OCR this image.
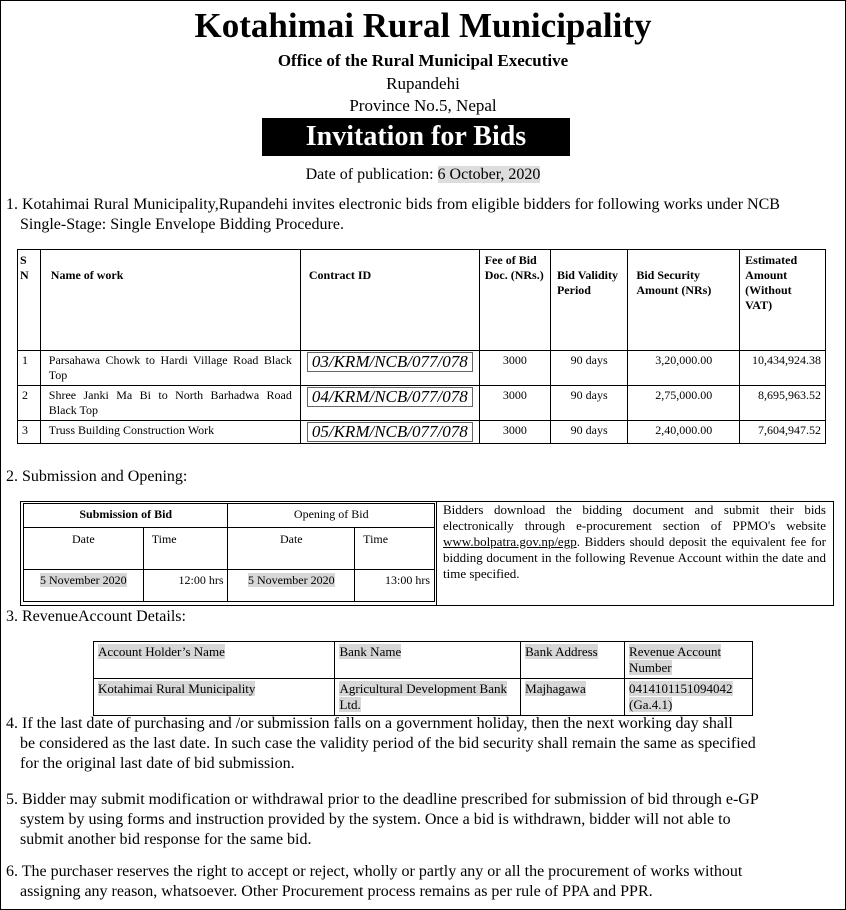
Kotahimai Rural Municipality
Office of the Rural Municipal Executive
Rupandehi
Province No.5, Nepal
Invitation for Bids
Date of publication: 6 October, 2020
1. Kotahimai Rural Municipality,Rupandehi invites electronic bids from eligible bidders for following works under NCB
Single-Stage: Single Envelope Bidding Procedure.
S N	Name of work	Contract ID	Fee of Bid Doc. (NRs.)	Bid Validity Period	Bid Security Amount (NRs)	Estimated Amount (Without VAT)
1	Parsahawa Chowk to Hardi Village Road Black Top	03/KRM/NCB/077/078	3000	90 days	3,20,000.00	10,434,924.38
2	Shree Janki Ma Bi to North Barhadwa Road Black Top	04/KRM/NCB/077/078	3000	90 days	2,75,000.00	8,695,963.52
3	Truss Building Construction Work	05/KRM/NCB/077/078	3000	90 days	2,40,000.00	7,604,947.52
2. Submission and Opening:
Submission of Bid		Opening of Bid	
Date	Time	Date	Time
5 November 2020	12:00 hrs	5 November 2020	13:00 hrs
Bidders download the bidding document and submit their bids electronically through e-procurement section of PPMO's website www.bolpatra.gov.np/egp. Bidders should deposit the equivalent fee for bidding document in the following Revenue Account within the date and time specified.
3. RevenueAccount Details:
Account Holder’s Name	Bank Name	Bank Address	Revenue Account Number
Kotahimai Rural Municipality	Agricultural Development Bank Ltd.	Majhagawa	0414101151094042 (Ga.4.1)
4. If the last date of purchasing and /or submission falls on a government holiday, then the next working day shall
be considered as the last date. In such case the validity period of the bid security shall remain the same as specified
for the original last date of bid submission.
5. Bidder may submit modification or withdrawal prior to the deadline prescribed for submission of bid through e-GP
system by using forms and instruction provided by the system. Once a bid is withdrawn, bidder will not able to
submit another bid response for the same bid.
6. The purchaser reserves the right to accept or reject, wholly or partly any or all the procurement of works without
assigning any reason, whatsoever. Other Procurement process remains as per rule of PPA and PPR.
